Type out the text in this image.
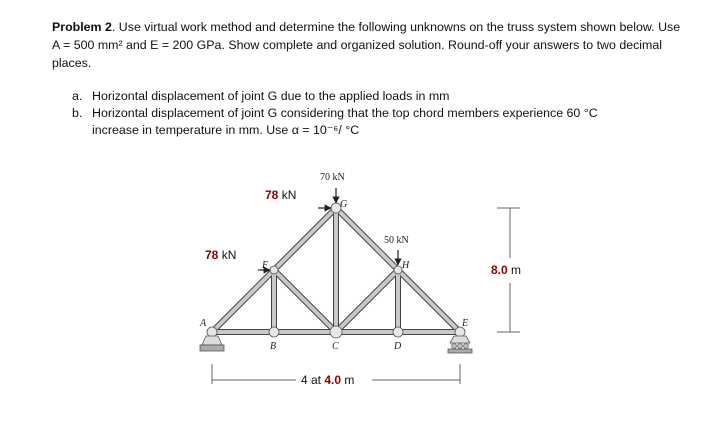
Problem 2. Use virtual work method and determine the following unknowns on the truss system shown below. Use A = 500 mm² and E = 200 GPa. Show complete and organized solution. Round-off your answers to two decimal places.
a. Horizontal displacement of joint G due to the applied loads in mm
b. Horizontal displacement of joint G considering that the top chord members experience 60 °C
increase in temperature in mm. Use α = 10⁻⁶/ °C
A
B	C	D
E
F
G
H
70 kN
50 kN
78 kN
78 kN
4 at 4.0 m
8.0 m
